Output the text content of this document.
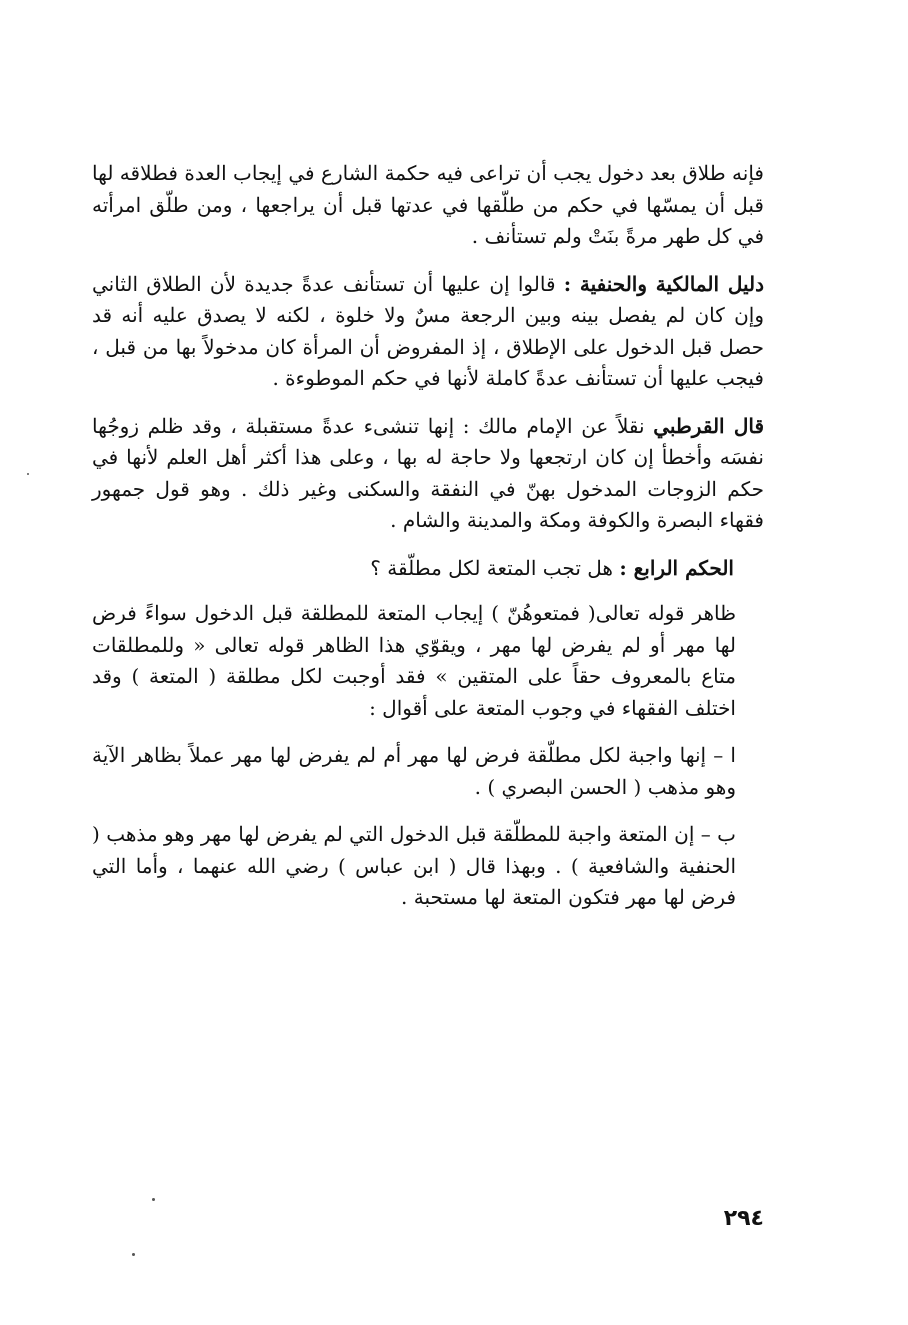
فإنه طلاق بعد دخول يجب أن تراعى فيه حكمة الشارع في إيجاب العدة فطلاقه لها قبل أن يمسّها في حكم من طلّقها في عدتها قبل أن يراجعها ، ومن طلّق امرأته في كل طهر مرةً بنَتْ ولم تستأنف .

دليل المالكية والحنفية : قالوا إن عليها أن تستأنف عدةً جديدة لأن الطلاق الثاني وإن كان لم يفصل بينه وبين الرجعة مسٌ ولا خلوة ، لكنه لا يصدق عليه أنه قد حصل قبل الدخول على الإطلاق ، إذ المفروض أن المرأة كان مدخولاً بها من قبل ، فيجب عليها أن تستأنف عدةً كاملة لأنها في حكم الموطوءة .

قال القرطبي نقلاً عن الإمام مالك : إنها تنشىء عدةً مستقبلة ، وقد ظلم زوجُها نفسَه وأخطأ إن كان ارتجعها ولا حاجة له بها ، وعلى هذا أكثر أهل العلم لأنها في حكم الزوجات المدخول بهنّ في النفقة والسكنى وغير ذلك . وهو قول جمهور فقهاء البصرة والكوفة ومكة والمدينة والشام .

الحكم الرابع : هل تجب المتعة لكل مطلّقة ؟

ظاهر قوله تعالى( فمتعوهُنّ ) إيجاب المتعة للمطلقة قبل الدخول سواءً فرض لها مهر أو لم يفرض لها مهر ، ويقوّي هذا الظاهر قوله تعالى « وللمطلقات متاع بالمعروف حقاً على المتقين » فقد أوجبت لكل مطلقة ( المتعة ) وقد اختلف الفقهاء في وجوب المتعة على أقوال :

ا – إنها واجبة لكل مطلّقة فرض لها مهر أم لم يفرض لها مهر عملاً بظاهر الآية وهو مذهب ( الحسن البصري ) .

ب – إن المتعة واجبة للمطلّقة قبل الدخول التي لم يفرض لها مهر وهو مذهب ( الحنفية والشافعية ) . وبهذا قال ( ابن عباس ) رضي الله عنهما ، وأما التي فرض لها مهر فتكون المتعة لها مستحبة .

٢٩٤
